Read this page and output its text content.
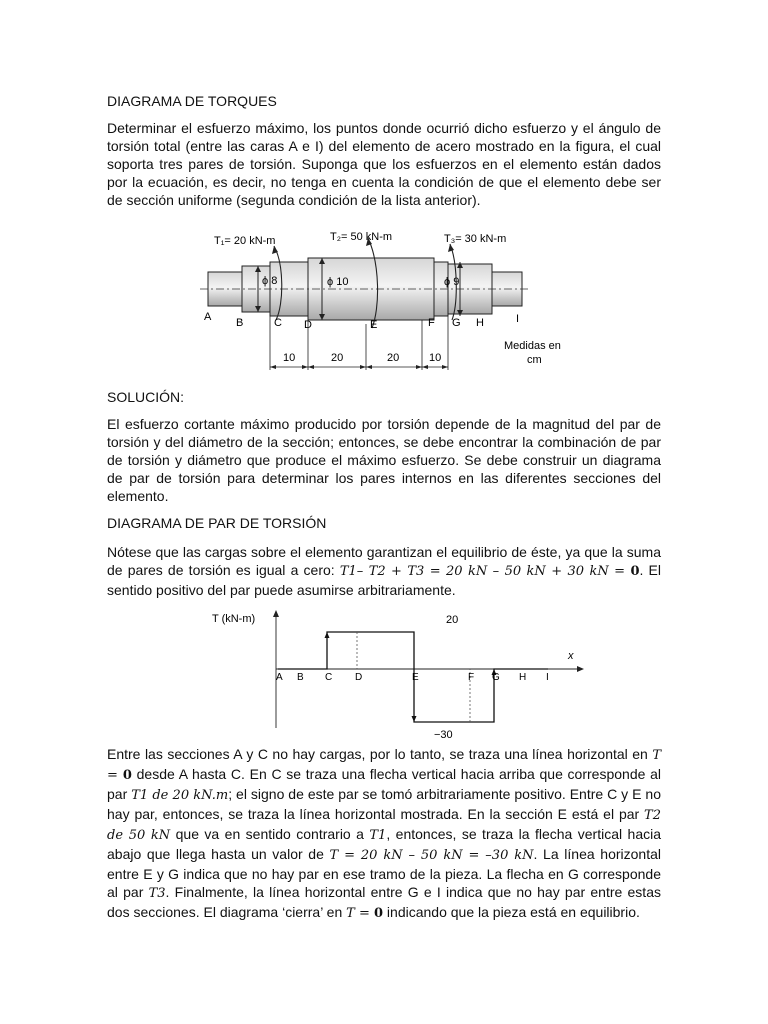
DIAGRAMA DE TORQUES
Determinar el esfuerzo máximo, los puntos donde ocurrió dicho esfuerzo y el ángulo de torsión total (entre las caras A e I) del elemento de acero mostrado en la figura, el cual soporta tres pares de torsión. Suponga que los esfuerzos en el elemento están dados por la ecuación, es decir, no tenga en cuenta la condición de que el elemento debe ser de sección uniforme (segunda condición de la lista anterior).
ϕ 8	ϕ 10	ϕ 9
T₁= 20 kN-m	T₂= 50 kN-m	T₃= 30 kN-m
A B	C D	E	F G H	I
10	20	20	10
Medidas en
cm
SOLUCIÓN:
El esfuerzo cortante máximo producido por torsión depende de la magnitud del par de torsión y del diámetro de la sección; entonces, se debe encontrar la combinación de par de torsión y diámetro que produce el máximo esfuerzo. Se debe construir un diagrama de par de torsión para determinar los pares internos en las diferentes secciones del elemento.
DIAGRAMA DE PAR DE TORSIÓN
Nótese que las cargas sobre el elemento garantizan el equilibrio de éste, ya que la suma de pares de torsión es igual a cero: T1– T2 + T3 = 20 kN – 50 kN + 30 kN = 0. El sentido positivo del par puede asumirse arbitrariamente.
T (kN-m)
x
A B C D	E	F G H I
20
−30
Entre las secciones A y C no hay cargas, por lo tanto, se traza una línea horizontal en T = 0 desde A hasta C. En C se traza una flecha vertical hacia arriba que corresponde al par T1 de 20 kN.m; el signo de este par se tomó arbitrariamente positivo. Entre C y E no hay par, entonces, se traza la línea horizontal mostrada. En la sección E está el par T2 de 50 kN que va en sentido contrario a T1, entonces, se traza la flecha vertical hacia abajo que llega hasta un valor de T = 20 kN – 50 kN = –30 kN. La línea horizontal entre E y G indica que no hay par en ese tramo de la pieza. La flecha en G corresponde al par T3. Finalmente, la línea horizontal entre G e I indica que no hay par entre estas dos secciones. El diagrama ‘cierra’ en T = 0 indicando que la pieza está en equilibrio.
